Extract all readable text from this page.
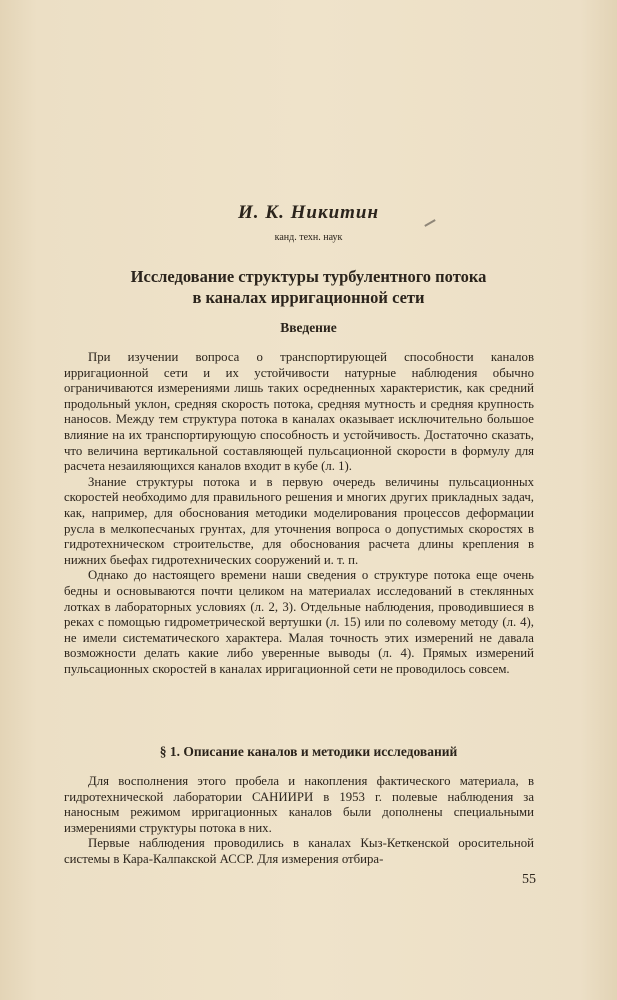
И. К. Никитин
канд. техн. наук
Исследование структуры турбулентного потока
в каналах ирригационной сети
Введение

При изучении вопроса о транспортирующей способности каналов ирригационной сети и их устойчивости натурные наблюдения обычно ограничиваются измерениями лишь таких осредненных характеристик, как средний продольный уклон, средняя скорость потока, средняя мутность и средняя крупность наносов. Между тем структура потока в каналах оказывает исключительно большое влияние на их транспортирующую способность и устойчивость. Достаточно сказать, что величина вертикальной составляющей пульсационной скорости в формулу для расчета незаиляющихся каналов входит в кубе (л. 1).

Знание структуры потока и в первую очередь величины пульсационных скоростей необходимо для правильного решения и многих других прикладных задач, как, например, для обоснования методики моделирования процессов деформации русла в мелкопесчаных грунтах, для уточнения вопроса о допустимых скоростях в гидротехническом строительстве, для обоснования расчета длины крепления в нижних бьефах гидротехнических сооружений и. т. п.

Однако до настоящего времени наши сведения о структуре потока еще очень бедны и основываются почти целиком на материалах исследований в стеклянных лотках в лабораторных условиях (л. 2, 3). Отдельные наблюдения, проводившиеся в реках с помощью гидрометрической вертушки (л. 15) или по солевому методу (л. 4), не имели систематического характера. Малая точность этих измерений не давала возможности делать какие либо уверенные выводы (л. 4). Прямых измерений пульсационных скоростей в каналах ирригационной сети не проводилось совсем.

§ 1. Описание каналов и методики исследований

Для восполнения этого пробела и накопления фактического материала, в гидротехнической лаборатории САНИИРИ в 1953 г. полевые наблюдения за наносным режимом ирригационных каналов были дополнены специальными измерениями структуры потока в них.

Первые наблюдения проводились в каналах Кыз-Кеткенской оросительной системы в Кара-Калпакской АССР. Для измерения отбира-

55
